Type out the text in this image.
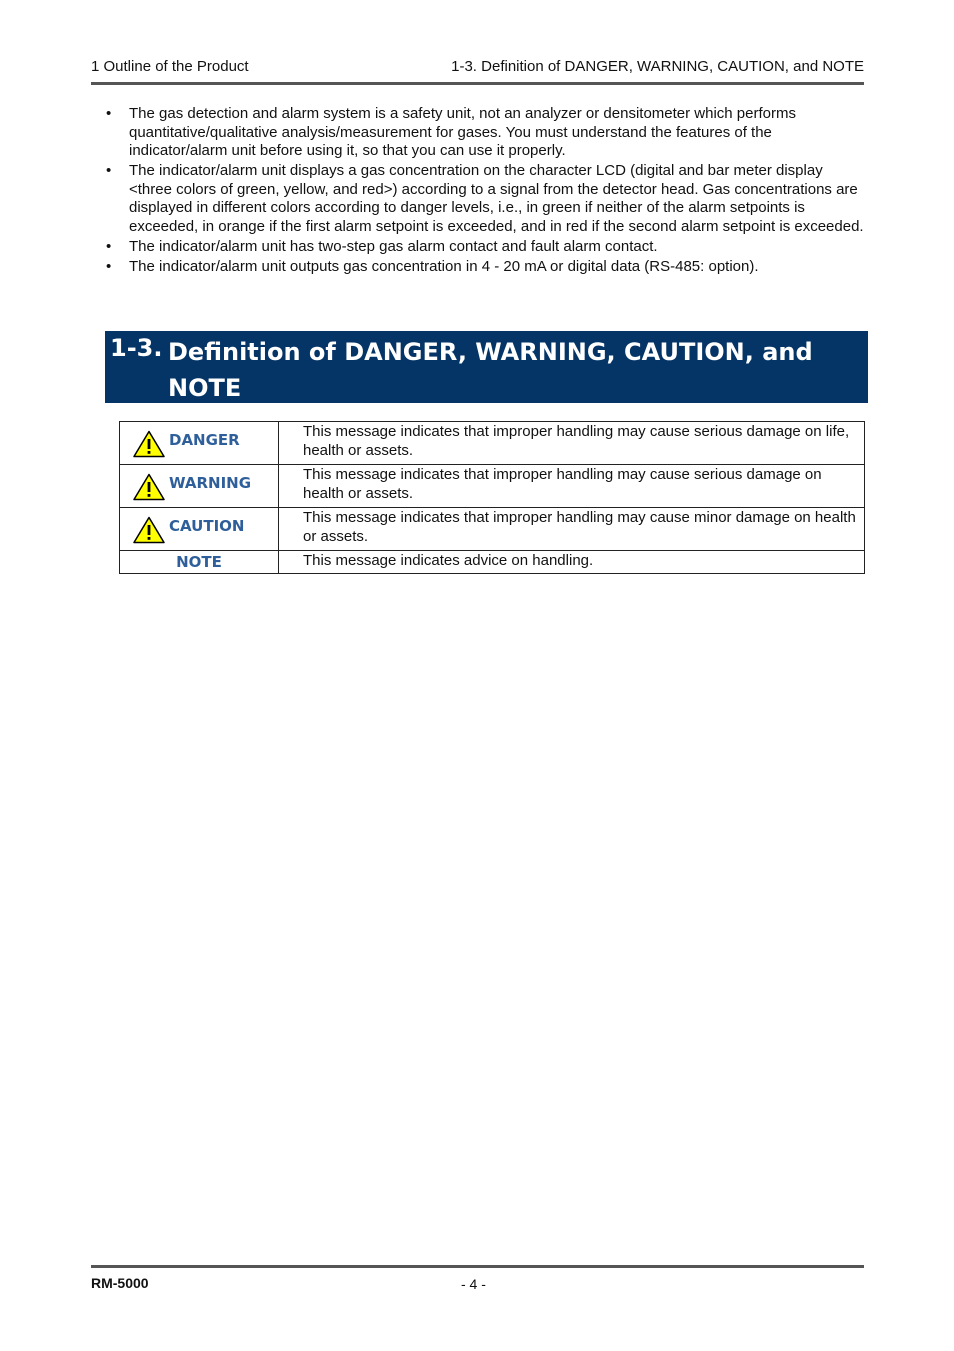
1 Outline of the Product	1-3. Definition of DANGER, WARNING, CAUTION, and NOTE
• The gas detection and alarm system is a safety unit, not an analyzer or densitometer which performs quantitative/qualitative analysis/measurement for gases. You must understand the features of the indicator/alarm unit before using it, so that you can use it properly.
• The indicator/alarm unit displays a gas concentration on the character LCD (digital and bar meter display <three colors of green, yellow, and red>) according to a signal from the detector head. Gas concentrations are displayed in different colors according to danger levels, i.e., in green if neither of the alarm setpoints is exceeded, in orange if the first alarm setpoint is exceeded, and in red if the second alarm setpoint is exceeded.
• The indicator/alarm unit has two-step gas alarm contact and fault alarm contact.
• The indicator/alarm unit outputs gas concentration in 4 - 20 mA or digital data (RS-485: option).
1-3. Definition of DANGER, WARNING, CAUTION, and NOTE
DANGER	This message indicates that improper handling may cause serious damage on life, health or assets.

WARNING	This message indicates that improper handling may cause serious damage on health or assets.

CAUTION	This message indicates that improper handling may cause minor damage on health or assets.

NOTE	This message indicates advice on handling.
RM-5000	- 4 -
